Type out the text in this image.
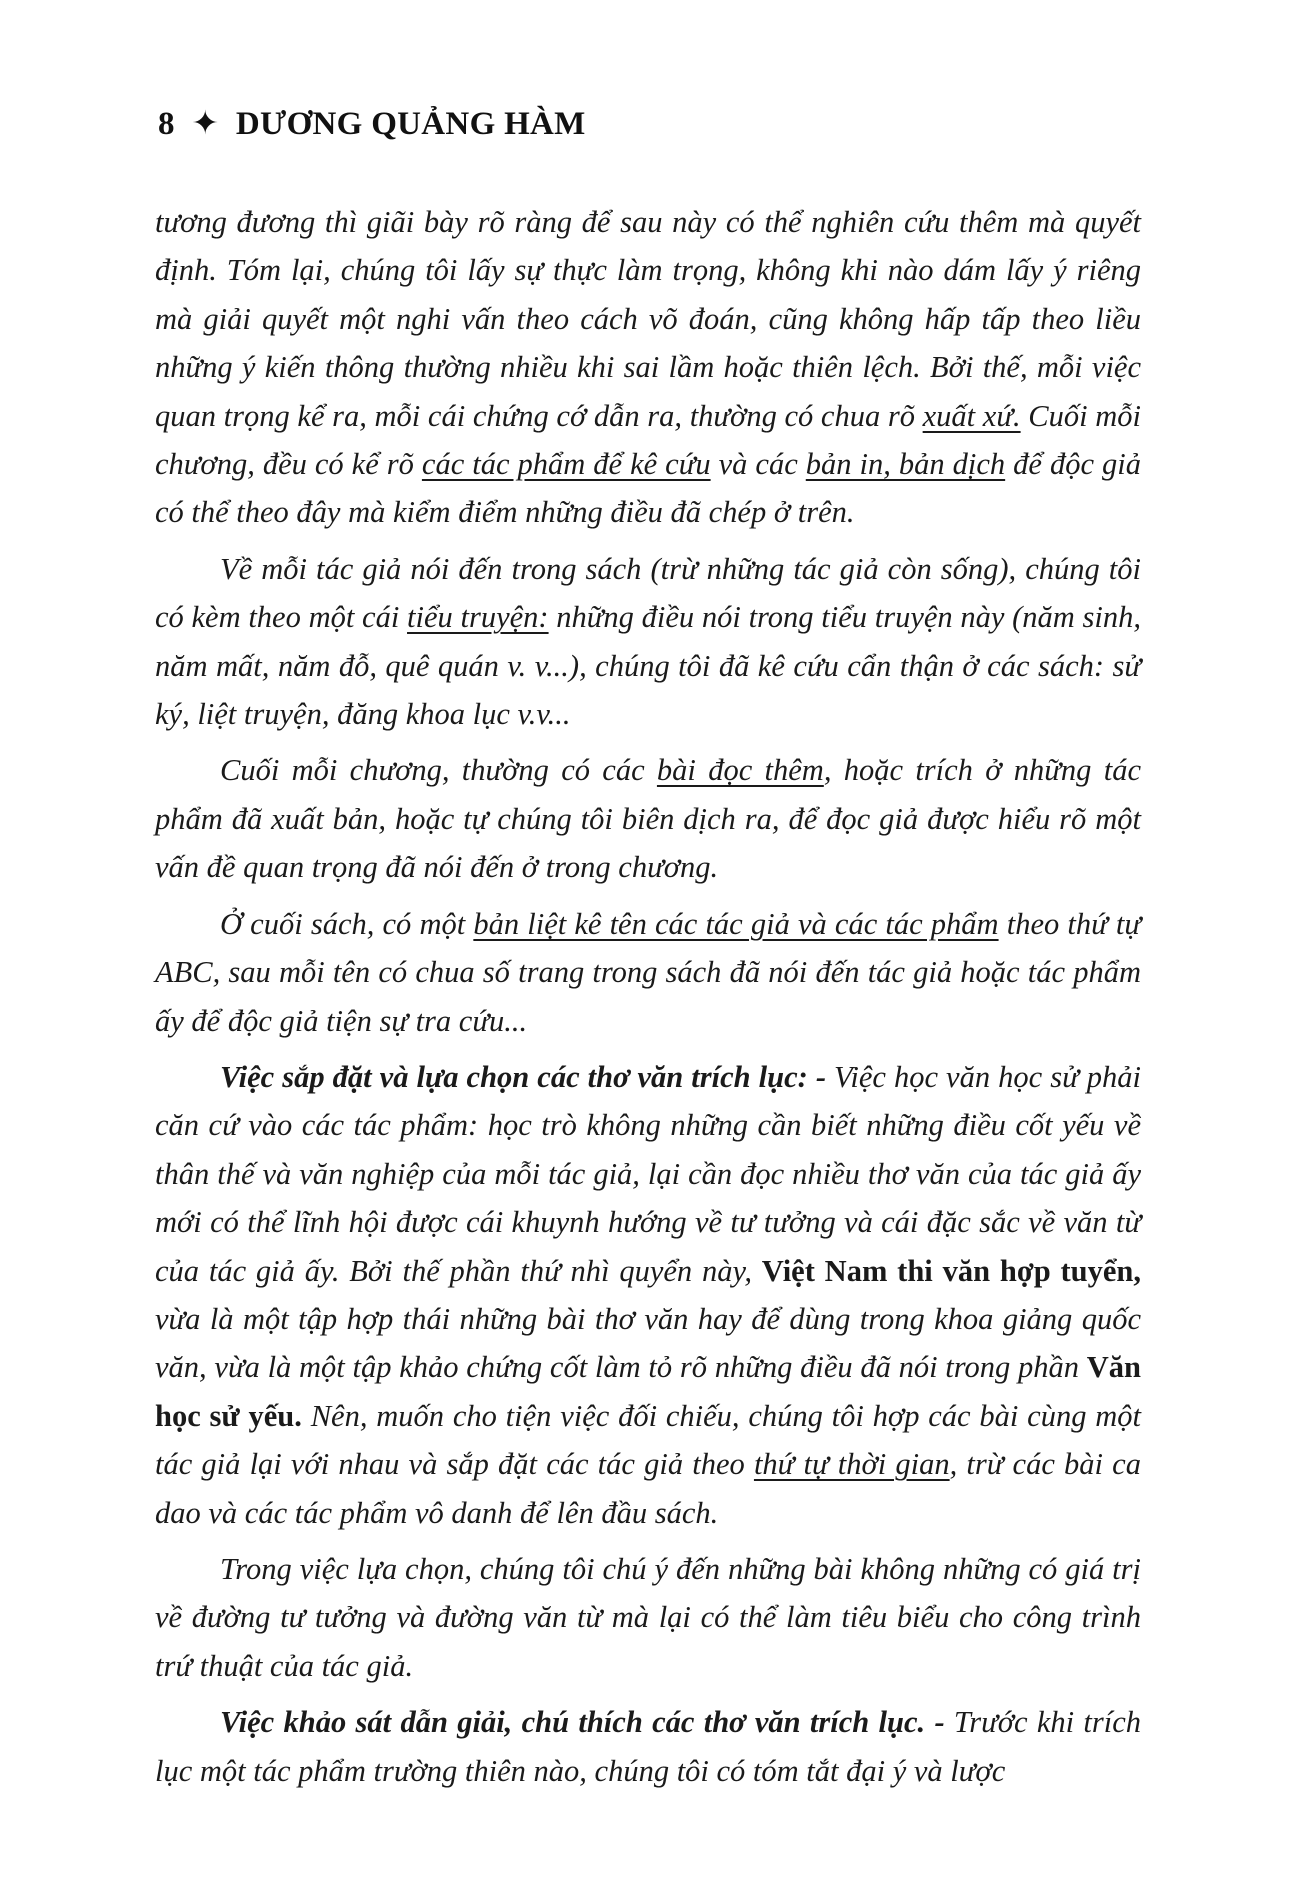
8 ✦ DƯƠNG QUẢNG HÀM

tương đương thì giãi bày rõ ràng để sau này có thể nghiên cứu thêm mà quyết định. Tóm lại, chúng tôi lấy sự thực làm trọng, không khi nào dám lấy ý riêng mà giải quyết một nghi vấn theo cách võ đoán, cũng không hấp tấp theo liều những ý kiến thông thường nhiều khi sai lầm hoặc thiên lệch. Bởi thế, mỗi việc quan trọng kể ra, mỗi cái chứng cớ dẫn ra, thường có chua rõ xuất xứ. Cuối mỗi chương, đều có kể rõ các tác phẩm để kê cứu và các bản in, bản dịch để độc giả có thể theo đây mà kiểm điểm những điều đã chép ở trên.

Về mỗi tác giả nói đến trong sách (trừ những tác giả còn sống), chúng tôi có kèm theo một cái tiểu truyện: những điều nói trong tiểu truyện này (năm sinh, năm mất, năm đỗ, quê quán v. v...), chúng tôi đã kê cứu cẩn thận ở các sách: sử ký, liệt truyện, đăng khoa lục v.v...

Cuối mỗi chương, thường có các bài đọc thêm, hoặc trích ở những tác phẩm đã xuất bản, hoặc tự chúng tôi biên dịch ra, để đọc giả được hiểu rõ một vấn đề quan trọng đã nói đến ở trong chương.

Ở cuối sách, có một bản liệt kê tên các tác giả và các tác phẩm theo thứ tự ABC, sau mỗi tên có chua số trang trong sách đã nói đến tác giả hoặc tác phẩm ấy để độc giả tiện sự tra cứu...

Việc sắp đặt và lựa chọn các thơ văn trích lục: - Việc học văn học sử phải căn cứ vào các tác phẩm: học trò không những cần biết những điều cốt yếu về thân thế và văn nghiệp của mỗi tác giả, lại cần đọc nhiều thơ văn của tác giả ấy mới có thể lĩnh hội được cái khuynh hướng về tư tưởng và cái đặc sắc về văn từ của tác giả ấy. Bởi thế phần thứ nhì quyển này, Việt Nam thi văn hợp tuyển, vừa là một tập hợp thái những bài thơ văn hay để dùng trong khoa giảng quốc văn, vừa là một tập khảo chứng cốt làm tỏ rõ những điều đã nói trong phần Văn học sử yếu. Nên, muốn cho tiện việc đối chiếu, chúng tôi hợp các bài cùng một tác giả lại với nhau và sắp đặt các tác giả theo thứ tự thời gian, trừ các bài ca dao và các tác phẩm vô danh để lên đầu sách.

Trong việc lựa chọn, chúng tôi chú ý đến những bài không những có giá trị về đường tư tưởng và đường văn từ mà lại có thể làm tiêu biểu cho công trình trứ thuật của tác giả.

Việc khảo sát dẫn giải, chú thích các thơ văn trích lục. - Trước khi trích lục một tác phẩm trường thiên nào, chúng tôi có tóm tắt đại ý và lược
